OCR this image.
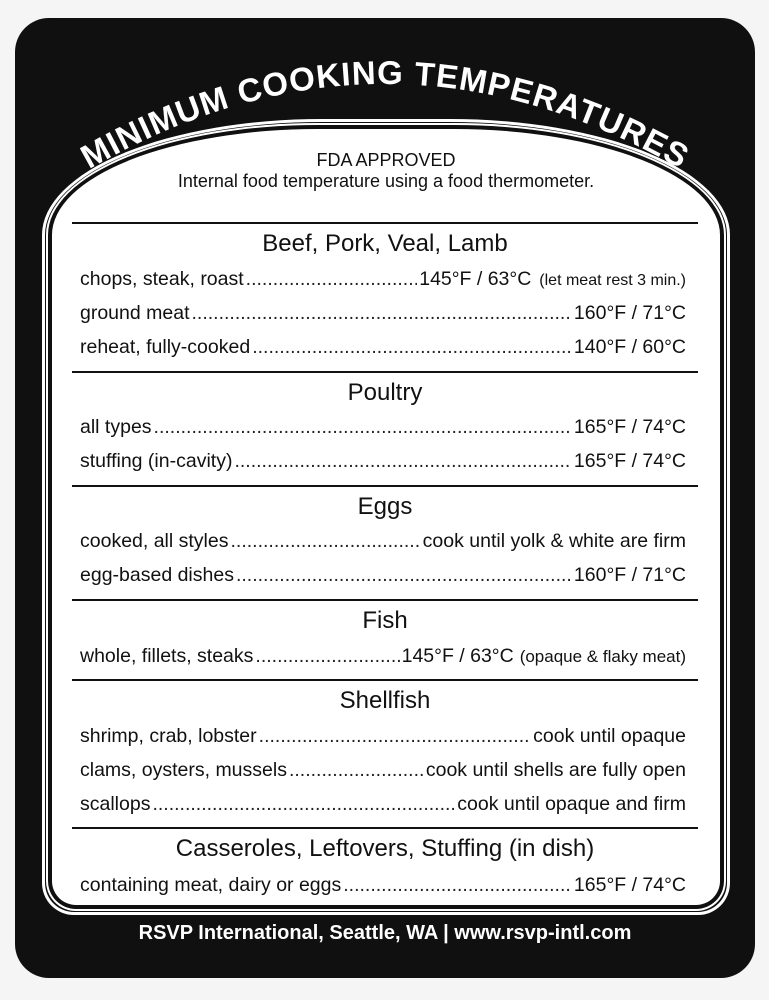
MINIMUM COOKING TEMPERATURES
FDA APPROVED
Internal food temperature using a food thermometer.
Beef, Pork, Veal, Lamb
chops, steak, roast .....	145°F / 63°C (let meat rest 3 min.)
ground meat .....	160°F / 71°C
reheat, fully-cooked .....	140°F / 60°C
Poultry
all types .....	165°F / 74°C
stuffing (in-cavity) .....	165°F / 74°C
Eggs
cooked, all styles .....	cook until yolk & white are firm
egg-based dishes .....	160°F / 71°C
Fish
whole, fillets, steaks .....	145°F / 63°C (opaque & flaky meat)
Shellfish
shrimp, crab, lobster .....	cook until opaque
clams, oysters, mussels .....	cook until shells are fully open
scallops .....	cook until opaque and firm
Casseroles, Leftovers, Stuffing (in dish)
containing meat, dairy or eggs .....	165°F / 74°C
RSVP International, Seattle, WA | www.rsvp-intl.com
